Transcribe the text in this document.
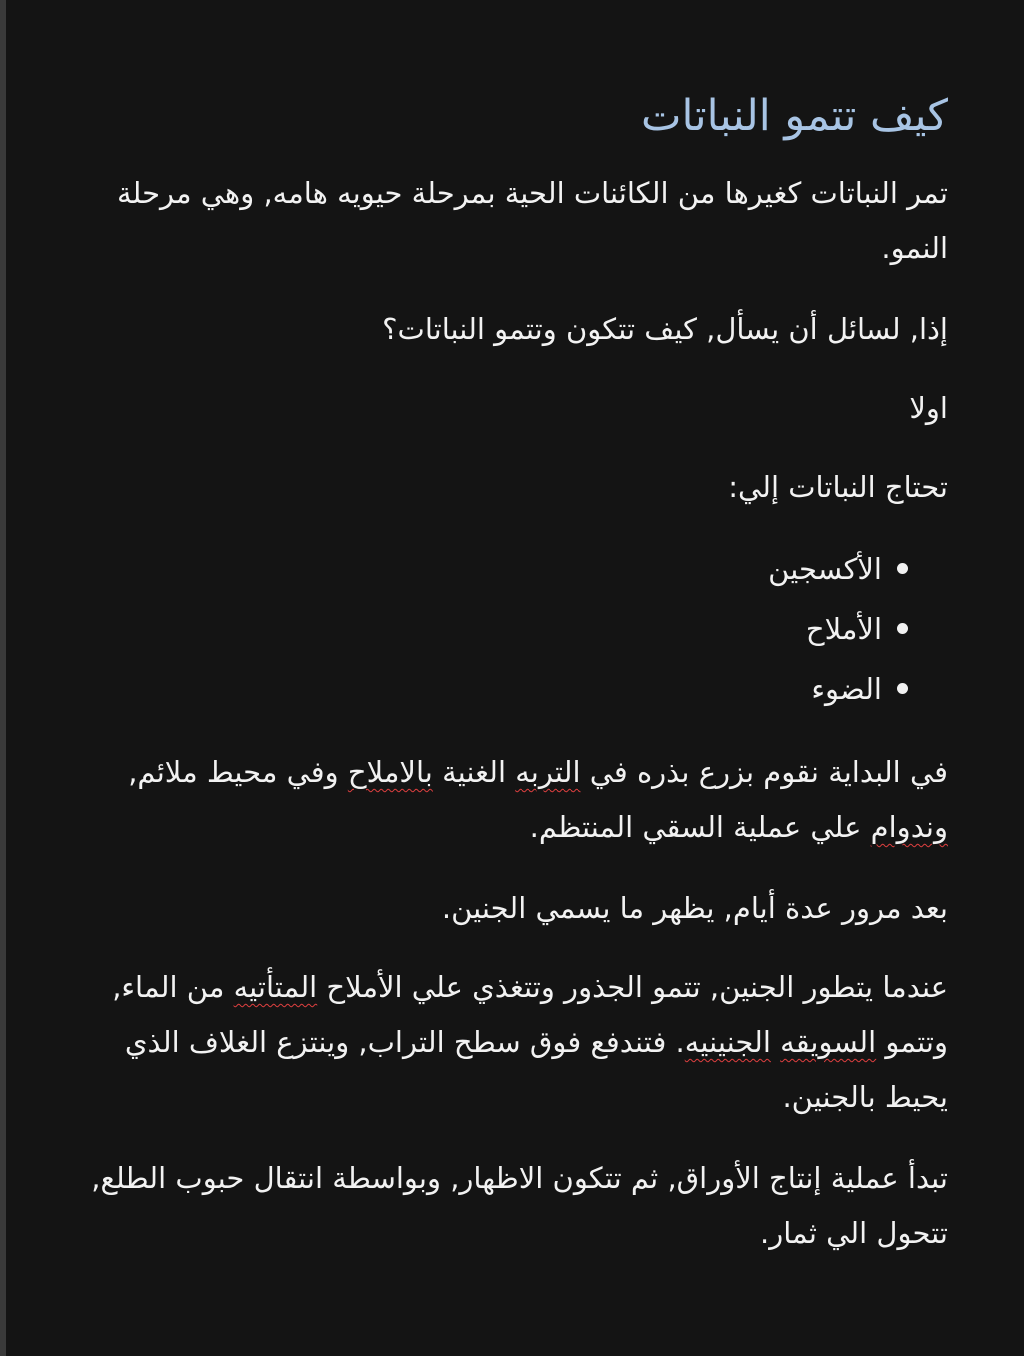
كيف تتمو النباتات

تمر النباتات كغيرها من الكائنات الحية بمرحلة حيويه هامه, وهي مرحلة النمو.

إذا, لسائل أن يسأل, كيف تتكون وتتمو النباتات؟

اولا

تحتاج النباتات إلي:

الأكسجين
الأملاح
الضوء

في البداية نقوم بزرع بذره في التربه الغنية بالاملاح وفي محيط ملائم, وندوام علي عملية السقي المنتظم.

بعد مرور عدة أيام, يظهر ما يسمي الجنين.

عندما يتطور الجنين, تتمو الجذور وتتغذي علي الأملاح المتأتيه من الماء, وتتمو السويقه الجنينيه. فتندفع فوق سطح التراب, وينتزع الغلاف الذي يحيط بالجنين.

تبدأ عملية إنتاج الأوراق, ثم تتكون الاظهار, وبواسطة انتقال حبوب الطلع, تتحول الي ثمار.
